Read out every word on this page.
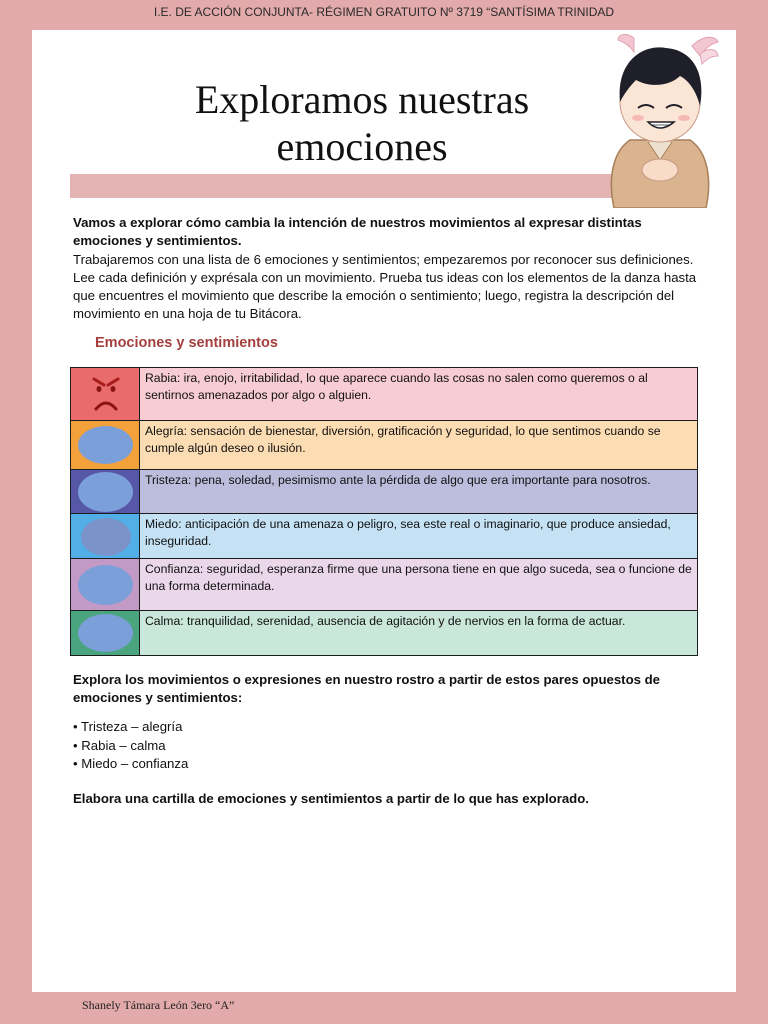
I.E. DE ACCIÓN CONJUNTA- RÉGIMEN GRATUITO Nº 3719 “SANTÍSIMA TRINIDAD
Exploramos nuestras
emociones
Vamos a explorar cómo cambia la intención de nuestros movimientos al expresar distintas emociones y sentimientos.
Trabajaremos con una lista de 6 emociones y sentimientos; empezaremos por reconocer sus definiciones. Lee cada definición y exprésala con un movimiento. Prueba tus ideas con los elementos de la danza hasta que encuentres el movimiento que describe la emoción o sentimiento; luego, registra la descripción del movimiento en una hoja de tu Bitácora.
Emociones y sentimientos
	Rabia: ira, enojo, irritabilidad, lo que aparece cuando las cosas no salen como queremos o al sentirnos amenazados por algo o alguien.

	Alegría: sensación de bienestar, diversión, gratificación y seguridad, lo que sentimos cuando se cumple algún deseo o ilusión.

	Tristeza: pena, soledad, pesimismo ante la pérdida de algo que era importante para nosotros.

	Miedo: anticipación de una amenaza o peligro, sea este real o imaginario, que produce ansiedad, inseguridad.

	Confianza: seguridad, esperanza firme que una persona tiene en que algo suceda, sea o funcione de una forma determinada.

	Calma: tranquilidad, serenidad, ausencia de agitación y de nervios en la forma de actuar.
Explora los movimientos o expresiones en nuestro rostro a partir de estos pares opuestos de emociones y sentimientos:
• Tristeza – alegría
• Rabia – calma
• Miedo – confianza
Elabora una cartilla de emociones y sentimientos a partir de lo que has explorado.
Shanely Támara León 3ero “A”
